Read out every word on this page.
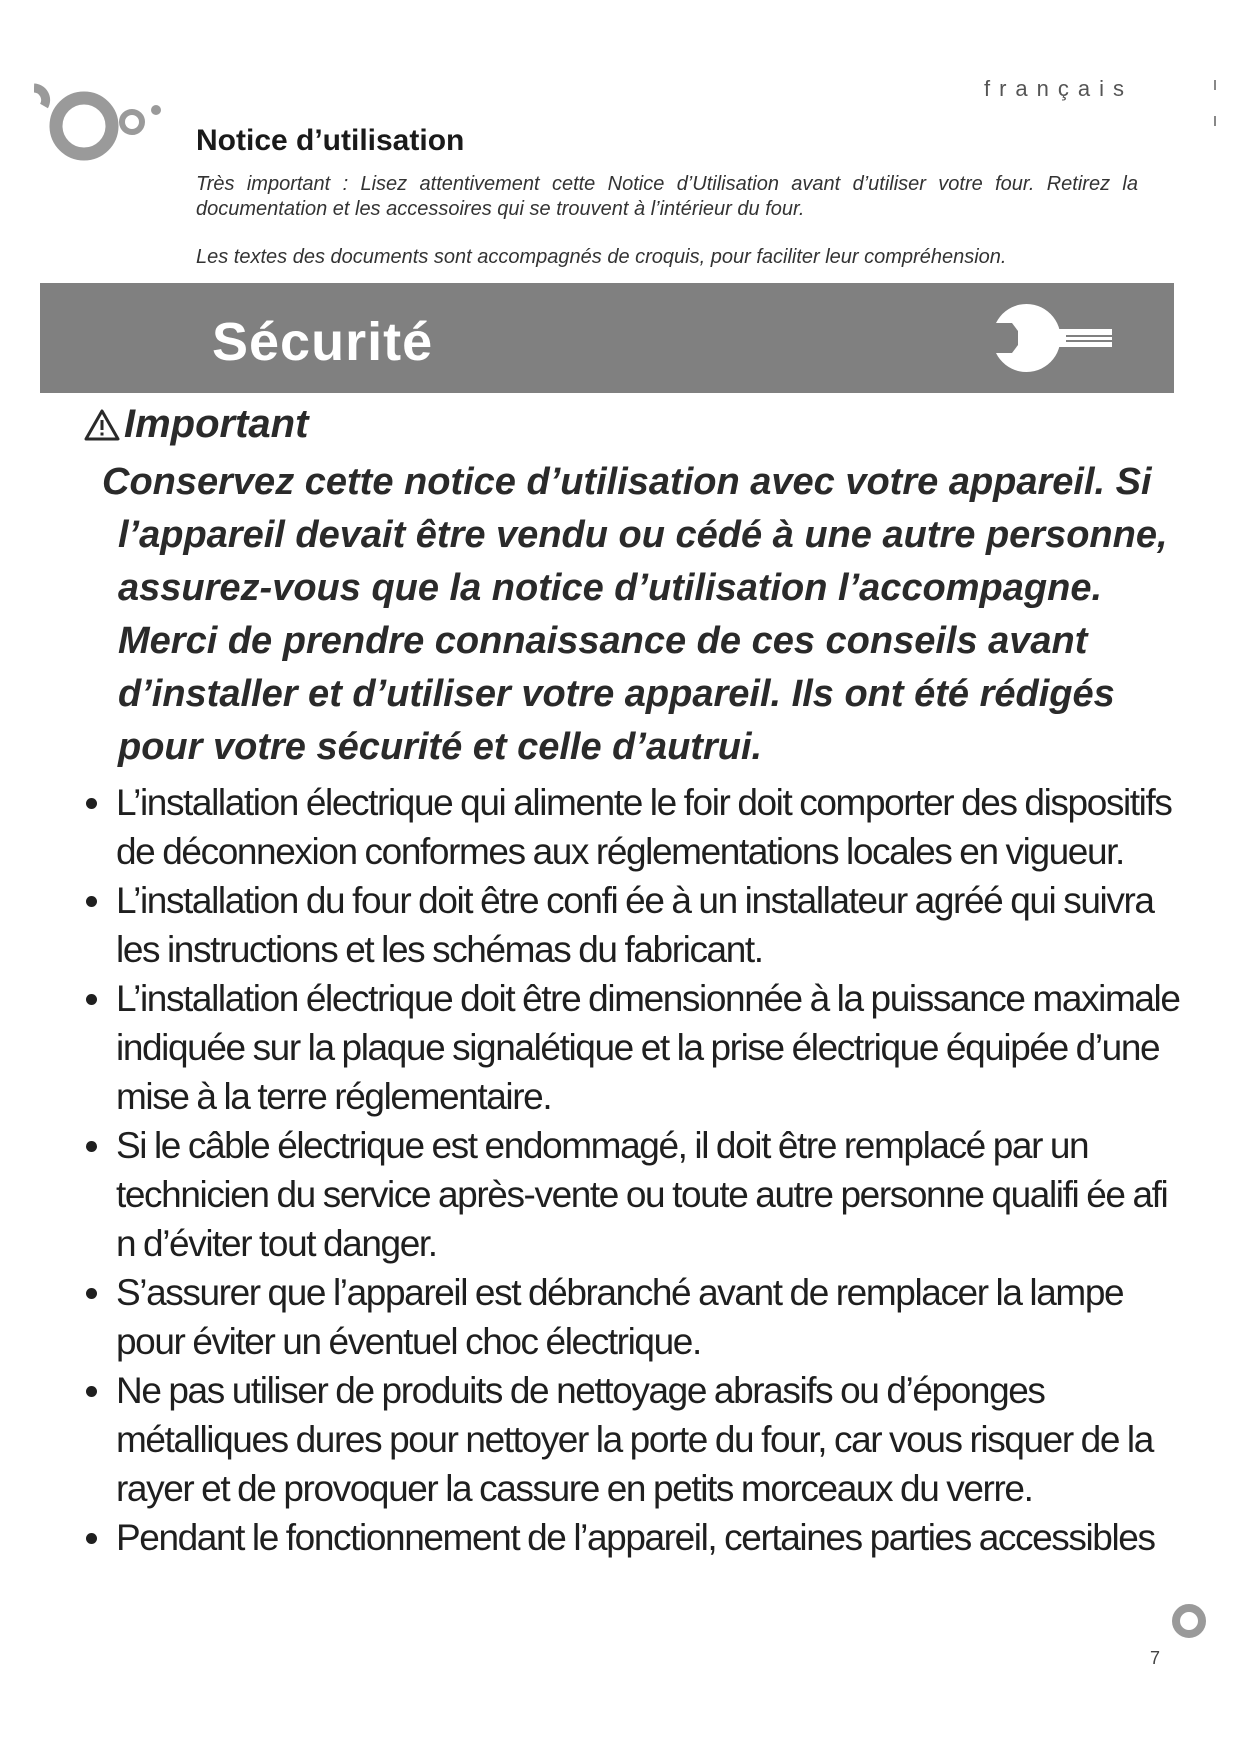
français
Notice d’utilisation
Très important : Lisez attentivement cette Notice d’Utilisation avant d’utiliser votre four. Retirez la documentation et les accessoires qui se trouvent à l’intérieur du four.
Les textes des documents sont accompagnés de croquis, pour faciliter leur compréhension.
Sécurité
Important
Conservez cette notice d’utilisation avec votre appareil. Si
l’appareil devait être vendu ou cédé à une autre personne,
assurez-vous que la notice d’utilisation l’accompagne.
Merci de prendre connaissance de ces conseils avant
d’installer et d’utiliser votre appareil. Ils ont été rédigés
pour votre sécurité et celle d’autrui.
L’installation électrique qui alimente le foir doit comporter des dispositifs de déconnexion conformes aux réglementations locales en vigueur.
L’installation du four doit être confi ée à un installateur agréé qui suivra les instructions et les schémas du fabricant.
L’installation électrique doit être dimensionnée à la puissance maximale indiquée sur la plaque signalétique et la prise électrique équipée d’une mise à la terre réglementaire.
Si le câble électrique est endommagé, il doit être remplacé par un technicien du service après-vente ou toute autre personne qualifi ée afi n d’éviter tout danger.
S’assurer que l’appareil est débranché avant de remplacer la lampe pour éviter un éventuel choc électrique.
Ne pas utiliser de produits de nettoyage abrasifs ou d’éponges métalliques dures pour nettoyer la porte du four, car vous risquer de la rayer et de provoquer la cassure en petits morceaux du verre.
Pendant le fonctionnement de l’appareil, certaines parties accessibles
7
